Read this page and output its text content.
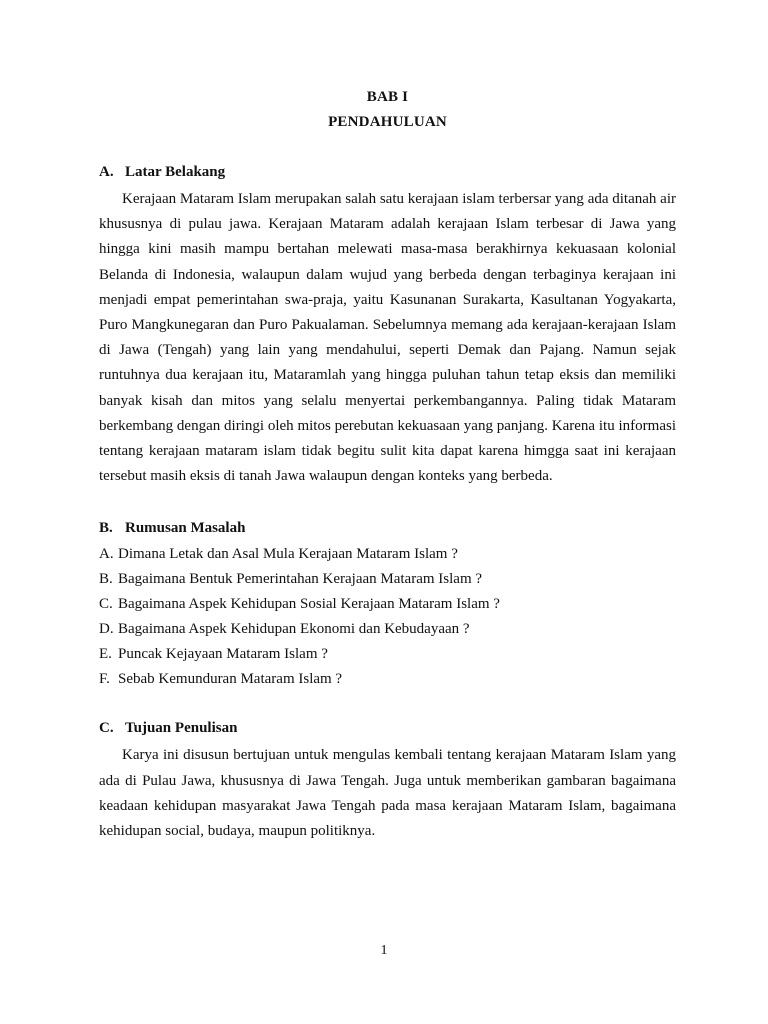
BAB I
PENDAHULUAN
A. Latar Belakang

Kerajaan Mataram Islam merupakan salah satu kerajaan islam terbersar yang ada ditanah air khususnya di pulau jawa. Kerajaan Mataram adalah kerajaan Islam terbesar di Jawa yang hingga kini masih mampu bertahan melewati masa-masa berakhirnya kekuasaan kolonial Belanda di Indonesia, walaupun dalam wujud yang berbeda dengan terbaginya kerajaan ini menjadi empat pemerintahan swa-praja, yaitu Kasunanan Surakarta, Kasultanan Yogyakarta, Puro Mangkunegaran dan Puro Pakualaman. Sebelumnya memang ada kerajaan-kerajaan Islam di Jawa (Tengah) yang lain yang mendahului, seperti Demak dan Pajang. Namun sejak runtuhnya dua kerajaan itu, Mataramlah yang hingga puluhan tahun tetap eksis dan memiliki banyak kisah dan mitos yang selalu menyertai perkembangannya. Paling tidak Mataram berkembang dengan diringi oleh mitos perebutan kekuasaan yang panjang. Karena itu informasi tentang kerajaan mataram islam tidak begitu sulit kita dapat karena himgga saat ini kerajaan tersebut masih eksis di tanah Jawa walaupun dengan konteks yang berbeda.

B. Rumusan Masalah
A. Dimana Letak dan Asal Mula Kerajaan Mataram Islam ?
B. Bagaimana Bentuk Pemerintahan Kerajaan Mataram Islam ?
C. Bagaimana Aspek Kehidupan Sosial Kerajaan Mataram Islam ?
D. Bagaimana Aspek Kehidupan Ekonomi dan Kebudayaan ?
E. Puncak Kejayaan Mataram Islam ?
F. Sebab Kemunduran Mataram Islam ?
C. Tujuan Penulisan

Karya ini disusun bertujuan untuk mengulas kembali tentang kerajaan Mataram Islam yang ada di Pulau Jawa, khususnya di Jawa Tengah. Juga untuk memberikan gambaran bagaimana keadaan kehidupan masyarakat Jawa Tengah pada masa kerajaan Mataram Islam, bagaimana kehidupan social, budaya, maupun politiknya.

1
